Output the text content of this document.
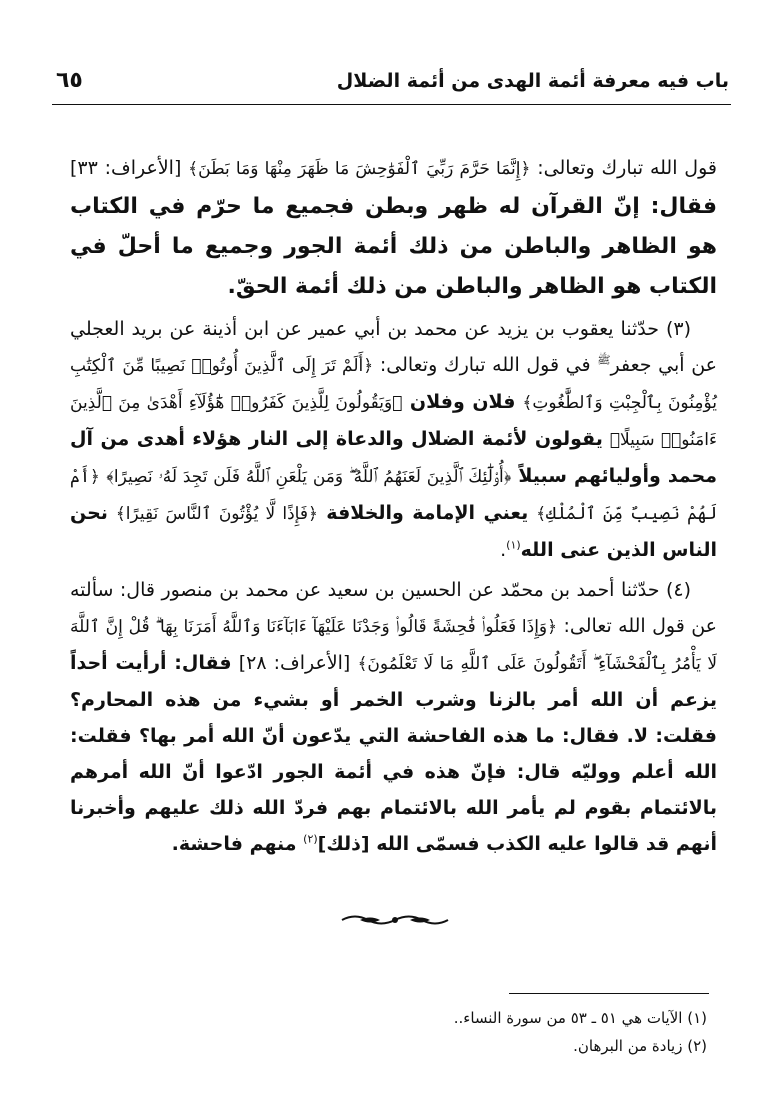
باب فيه معرفة أئمة الهدى من أئمة الضلال
٦٥

قول الله تبارك وتعالى: ﴿إِنَّمَا حَرَّمَ رَبِّيَ ٱلْفَوَٰحِشَ مَا ظَهَرَ مِنْهَا وَمَا بَطَنَ﴾ [الأعراف: ٣٣] فقال: إنّ القرآن له ظهر وبطن فجميع ما حرّم في الكتاب هو الظاهر والباطن من ذلك أئمة الجور وجميع ما أحلّ في الكتاب هو الظاهر والباطن من ذلك أئمة الحقّ.

(٣) حدّثنا يعقوب بن يزيد عن محمد بن أبي عمير عن ابن أذينة عن بريد العجلي عن أبي جعفر$^ﷺ$ في قول الله تبارك وتعالى: ﴿أَلَمْ تَرَ إِلَى ٱلَّذِينَ أُوتُوا۟ نَصِيبًا مِّنَ ٱلْكِتَٰبِ يُؤْمِنُونَ بِٱلْجِبْتِ وَٱلطَّٰغُوتِ﴾ فلان وفلان ﴿وَيَقُولُونَ لِلَّذِينَ كَفَرُوا۟ هَٰٓؤُلَآءِ أَهْدَىٰ مِنَ ٱلَّذِينَ ءَامَنُوا۟ سَبِيلًا﴾ يقولون لأئمة الضلال والدعاة إلى النار هؤلاء أهدى من آل محمد وأوليائهم سبيلاً ﴿أُو۟لَٰٓئِكَ ٱلَّذِينَ لَعَنَهُمُ ٱللَّهُ ۖ وَمَن يَلْعَنِ ٱللَّهُ فَلَن تَجِدَ لَهُۥ نَصِيرًا﴾ ﴿أَمْ لَهُمْ نَصِيبٌ مِّنَ ٱلْمُلْكِ﴾ يعني الإمامة والخلافة ﴿فَإِذًا لَّا يُؤْتُونَ ٱلنَّاسَ نَقِيرًا﴾ نحن الناس الذين عنى الله$^{(١)}$.

(٤) حدّثنا أحمد بن محمّد عن الحسين بن سعيد عن محمد بن منصور قال: سألته عن قول الله تعالى: ﴿وَإِذَا فَعَلُوا۟ فَٰحِشَةً قَالُوا۟ وَجَدْنَا عَلَيْهَآ ءَابَآءَنَا وَٱللَّهُ أَمَرَنَا بِهَا ۗ قُلْ إِنَّ ٱللَّهَ لَا يَأْمُرُ بِٱلْفَحْشَآءِ ۖ أَتَقُولُونَ عَلَى ٱللَّهِ مَا لَا تَعْلَمُونَ﴾ [الأعراف: ٢٨] فقال: أرأيت أحداً يزعم أن الله أمر بالزنا وشرب الخمر أو بشيء من هذه المحارم؟ فقلت: لا. فقال: ما هذه الفاحشة التي يدّعون أنّ الله أمر بها؟ فقلت: الله أعلم ووليّه قال: فإنّ هذه في أئمة الجور ادّعوا أنّ الله أمرهم بالائتمام بقوم لم يأمر الله بالائتمام بهم فردّ الله ذلك عليهم وأخبرنا أنهم قد قالوا عليه الكذب فسمّى الله [ذلك]$^{(٢)}$ منهم فاحشة.

(١) الآيات هي ٥١ ـ ٥٣ من سورة النساء..
(٢) زيادة من البرهان.
